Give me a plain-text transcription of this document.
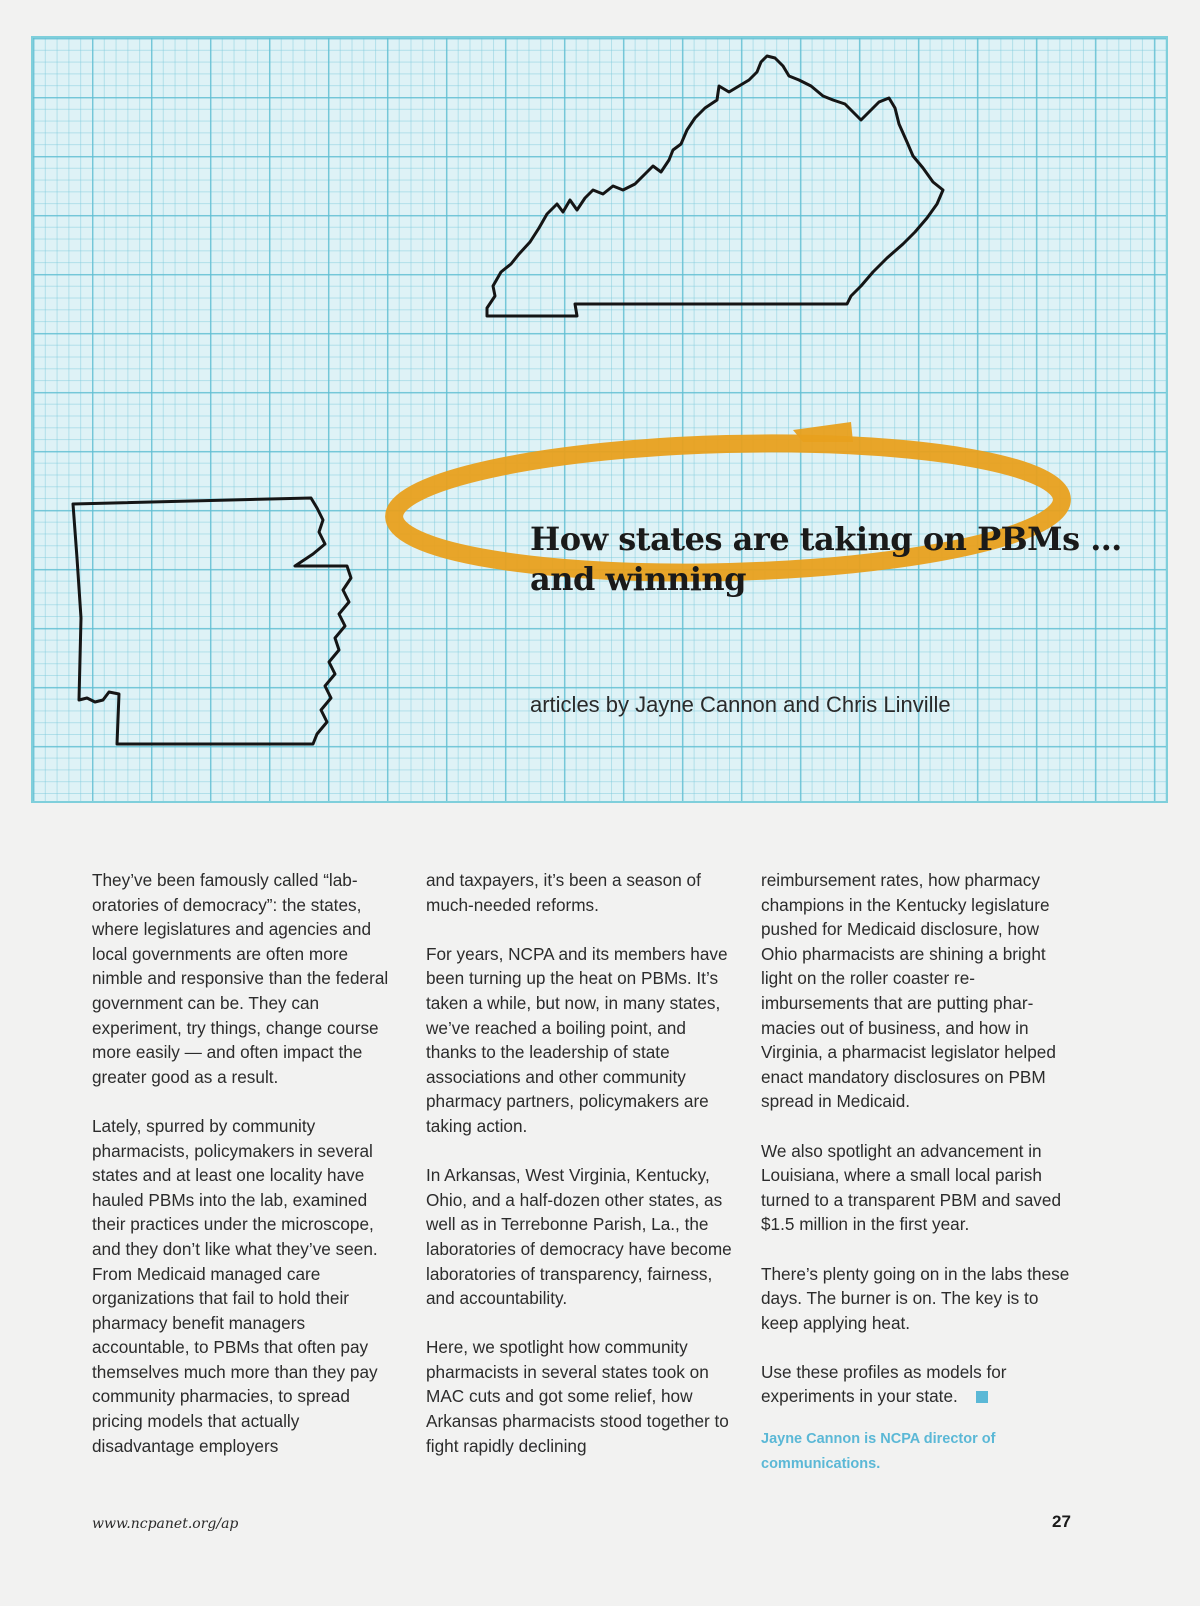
How states are taking on PBMs …
and winning

articles by Jayne Cannon and Chris Linville

They’ve been famously called “laboratories of democracy”: the states, where legislatures and agencies and local governments are often more nimble and responsive than the federal government can be. They can experiment, try things, change course more easily — and often impact the greater good as a result.

Lately, spurred by community pharmacists, policymakers in several states and at least one locality have hauled PBMs into the lab, examined their practices under the microscope, and they don’t like what they’ve seen. From Medicaid managed care organizations that fail to hold their pharmacy benefit managers accountable, to PBMs that often pay themselves much more than they pay community pharmacies, to spread pricing models that actually disadvantage employers

and taxpayers, it’s been a season of much-needed reforms.

For years, NCPA and its members have been turning up the heat on PBMs. It’s taken a while, but now, in many states, we’ve reached a boiling point, and thanks to the leadership of state associations and other community pharmacy partners, policymakers are taking action.

In Arkansas, West Virginia, Kentucky, Ohio, and a half-dozen other states, as well as in Terrebonne Parish, La., the laboratories of democracy have become laboratories of transparency, fairness, and accountability.

Here, we spotlight how community pharmacists in several states took on MAC cuts and got some relief, how Arkansas pharmacists stood together to fight rapidly declining

reimbursement rates, how pharmacy champions in the Kentucky legislature pushed for Medicaid disclosure, how Ohio pharmacists are shining a bright light on the roller coaster reimbursements that are putting pharmacies out of business, and how in Virginia, a pharmacist legislator helped enact mandatory disclosures on PBM spread in Medicaid.

We also spotlight an advancement in Louisiana, where a small local parish turned to a transparent PBM and saved $1.5 million in the first year.

There’s plenty going on in the labs these days. The burner is on. The key is to keep applying heat.

Use these profiles as models for experiments in your state.

Jayne Cannon is NCPA director of communications.
www.ncpanet.org/ap	27
